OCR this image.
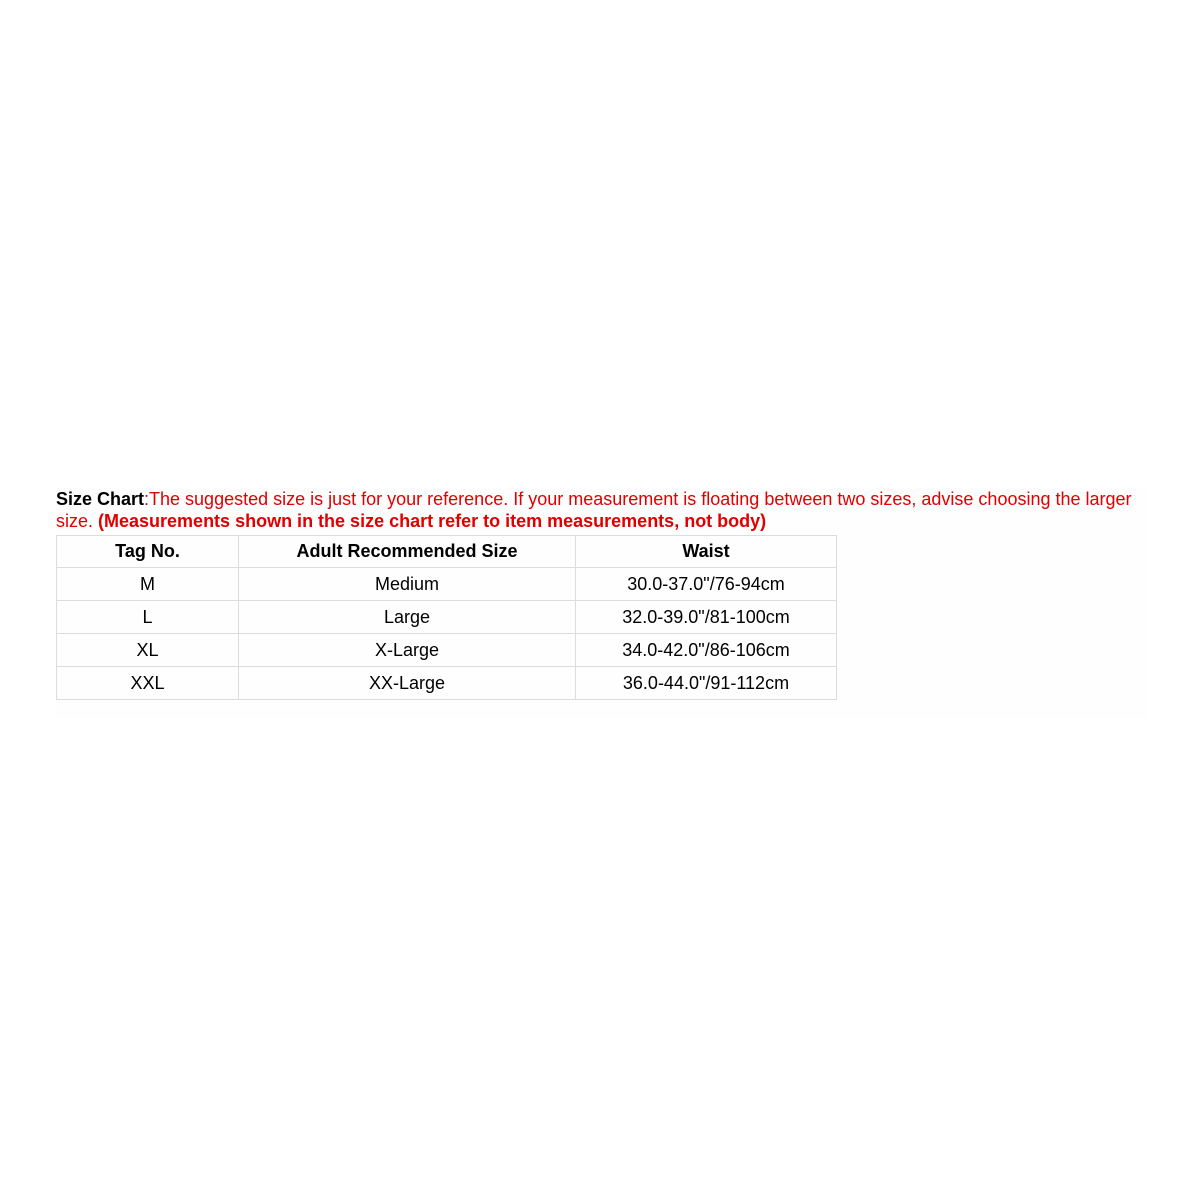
Size Chart:The suggested size is just for your reference. If your measurement is floating between two sizes, advise choosing the larger size. (Measurements shown in the size chart refer to item measurements, not body)
Tag No.	Adult Recommended Size	Waist
M	Medium	30.0-37.0"/76-94cm
L	Large	32.0-39.0"/81-100cm
XL	X-Large	34.0-42.0"/86-106cm
XXL	XX-Large	36.0-44.0"/91-112cm
